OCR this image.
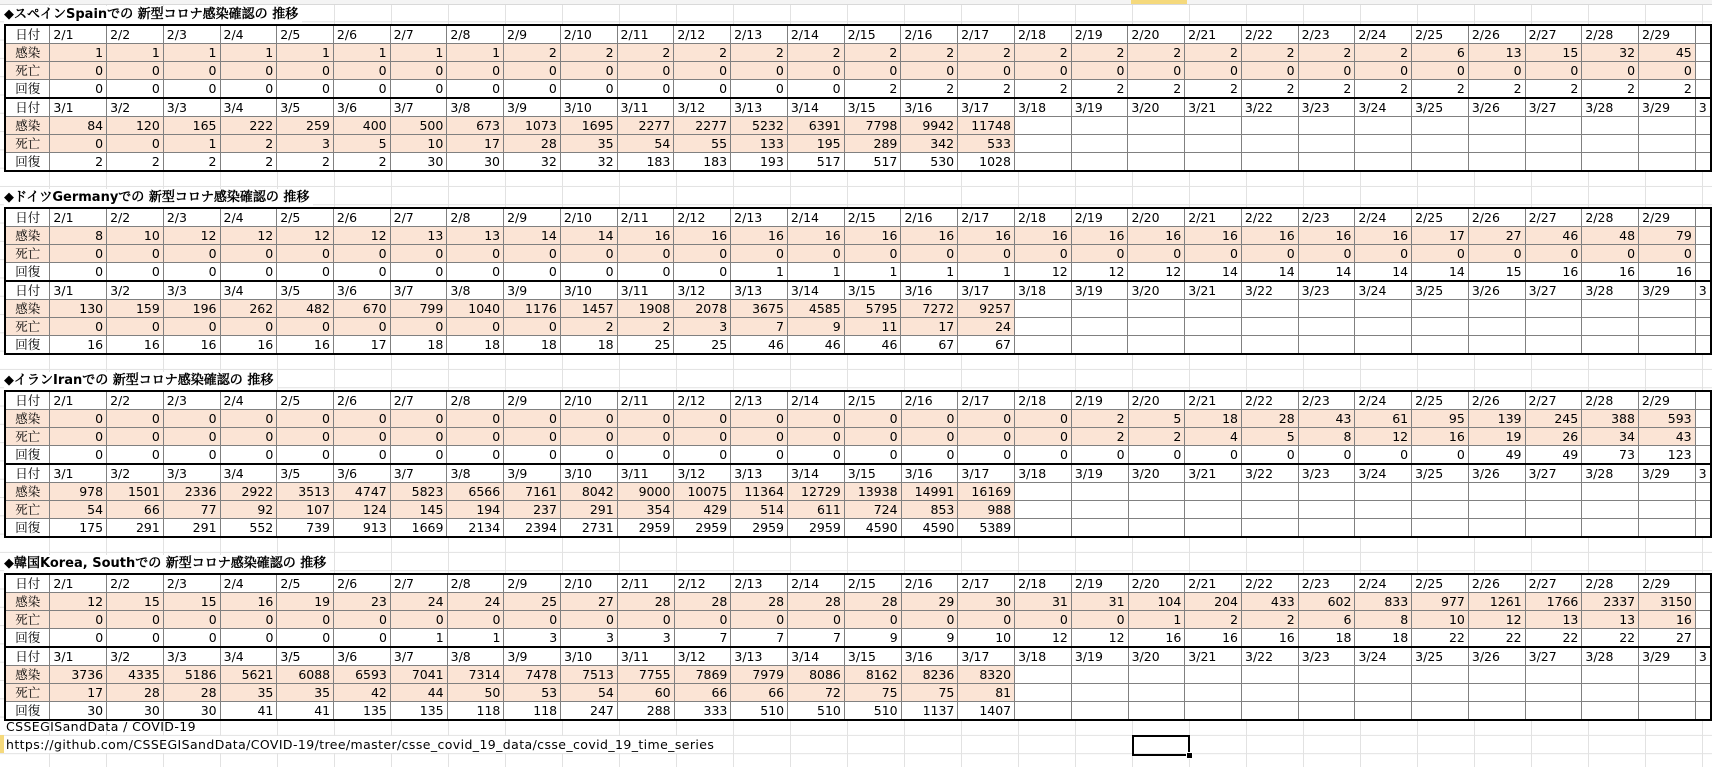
◆スペインSpainでの 新型コロナ感染確認の 推移
日付	2/1	2/2	2/3	2/4	2/5	2/6	2/7	2/8	2/9	2/10	2/11	2/12	2/13	2/14	2/15	2/16	2/17	2/18	2/19	2/20	2/21	2/22	2/23	2/24	2/25	2/26	2/27	2/28	2/29	
感染	1	1	1	1	1	1	1	1	2	2	2	2	2	2	2	2	2	2	2	2	2	2	2	2	6	13	15	32	45	
死亡	0	0	0	0	0	0	0	0	0	0	0	0	0	0	0	0	0	0	0	0	0	0	0	0	0	0	0	0	0	
回復	0	0	0	0	0	0	0	0	0	0	0	0	0	0	2	2	2	2	2	2	2	2	2	2	2	2	2	2	2	
日付	3/1	3/2	3/3	3/4	3/5	3/6	3/7	3/8	3/9	3/10	3/11	3/12	3/13	3/14	3/15	3/16	3/17	3/18	3/19	3/20	3/21	3/22	3/23	3/24	3/25	3/26	3/27	3/28	3/29	3
感染	84	120	165	222	259	400	500	673	1073	1695	2277	2277	5232	6391	7798	9942	11748													
死亡	0	0	1	2	3	5	10	17	28	35	54	55	133	195	289	342	533													
回復	2	2	2	2	2	2	30	30	32	32	183	183	193	517	517	530	1028													
◆ドイツGermanyでの 新型コロナ感染確認の 推移
日付	2/1	2/2	2/3	2/4	2/5	2/6	2/7	2/8	2/9	2/10	2/11	2/12	2/13	2/14	2/15	2/16	2/17	2/18	2/19	2/20	2/21	2/22	2/23	2/24	2/25	2/26	2/27	2/28	2/29	
感染	8	10	12	12	12	12	13	13	14	14	16	16	16	16	16	16	16	16	16	16	16	16	16	16	17	27	46	48	79	
死亡	0	0	0	0	0	0	0	0	0	0	0	0	0	0	0	0	0	0	0	0	0	0	0	0	0	0	0	0	0	
回復	0	0	0	0	0	0	0	0	0	0	0	0	1	1	1	1	1	12	12	12	14	14	14	14	14	15	16	16	16	
日付	3/1	3/2	3/3	3/4	3/5	3/6	3/7	3/8	3/9	3/10	3/11	3/12	3/13	3/14	3/15	3/16	3/17	3/18	3/19	3/20	3/21	3/22	3/23	3/24	3/25	3/26	3/27	3/28	3/29	3
感染	130	159	196	262	482	670	799	1040	1176	1457	1908	2078	3675	4585	5795	7272	9257													
死亡	0	0	0	0	0	0	0	0	0	2	2	3	7	9	11	17	24													
回復	16	16	16	16	16	17	18	18	18	18	25	25	46	46	46	67	67													
◆イランIranでの 新型コロナ感染確認の 推移
日付	2/1	2/2	2/3	2/4	2/5	2/6	2/7	2/8	2/9	2/10	2/11	2/12	2/13	2/14	2/15	2/16	2/17	2/18	2/19	2/20	2/21	2/22	2/23	2/24	2/25	2/26	2/27	2/28	2/29	
感染	0	0	0	0	0	0	0	0	0	0	0	0	0	0	0	0	0	0	2	5	18	28	43	61	95	139	245	388	593	
死亡	0	0	0	0	0	0	0	0	0	0	0	0	0	0	0	0	0	0	2	2	4	5	8	12	16	19	26	34	43	
回復	0	0	0	0	0	0	0	0	0	0	0	0	0	0	0	0	0	0	0	0	0	0	0	0	0	49	49	73	123	
日付	3/1	3/2	3/3	3/4	3/5	3/6	3/7	3/8	3/9	3/10	3/11	3/12	3/13	3/14	3/15	3/16	3/17	3/18	3/19	3/20	3/21	3/22	3/23	3/24	3/25	3/26	3/27	3/28	3/29	3
感染	978	1501	2336	2922	3513	4747	5823	6566	7161	8042	9000	10075	11364	12729	13938	14991	16169													
死亡	54	66	77	92	107	124	145	194	237	291	354	429	514	611	724	853	988													
回復	175	291	291	552	739	913	1669	2134	2394	2731	2959	2959	2959	2959	4590	4590	5389													
◆韓国Korea, Southでの 新型コロナ感染確認の 推移
日付	2/1	2/2	2/3	2/4	2/5	2/6	2/7	2/8	2/9	2/10	2/11	2/12	2/13	2/14	2/15	2/16	2/17	2/18	2/19	2/20	2/21	2/22	2/23	2/24	2/25	2/26	2/27	2/28	2/29	
感染	12	15	15	16	19	23	24	24	25	27	28	28	28	28	28	29	30	31	31	104	204	433	602	833	977	1261	1766	2337	3150	
死亡	0	0	0	0	0	0	0	0	0	0	0	0	0	0	0	0	0	0	0	1	2	2	6	8	10	12	13	13	16	
回復	0	0	0	0	0	0	1	1	3	3	3	7	7	7	9	9	10	12	12	16	16	16	18	18	22	22	22	22	27	
日付	3/1	3/2	3/3	3/4	3/5	3/6	3/7	3/8	3/9	3/10	3/11	3/12	3/13	3/14	3/15	3/16	3/17	3/18	3/19	3/20	3/21	3/22	3/23	3/24	3/25	3/26	3/27	3/28	3/29	3
感染	3736	4335	5186	5621	6088	6593	7041	7314	7478	7513	7755	7869	7979	8086	8162	8236	8320													
死亡	17	28	28	35	35	42	44	50	53	54	60	66	66	72	75	75	81													
回復	30	30	30	41	41	135	135	118	118	247	288	333	510	510	510	1137	1407													
CSSEGISandData / COVID-19
https://github.com/CSSEGISandData/COVID-19/tree/master/csse_covid_19_data/csse_covid_19_time_series
